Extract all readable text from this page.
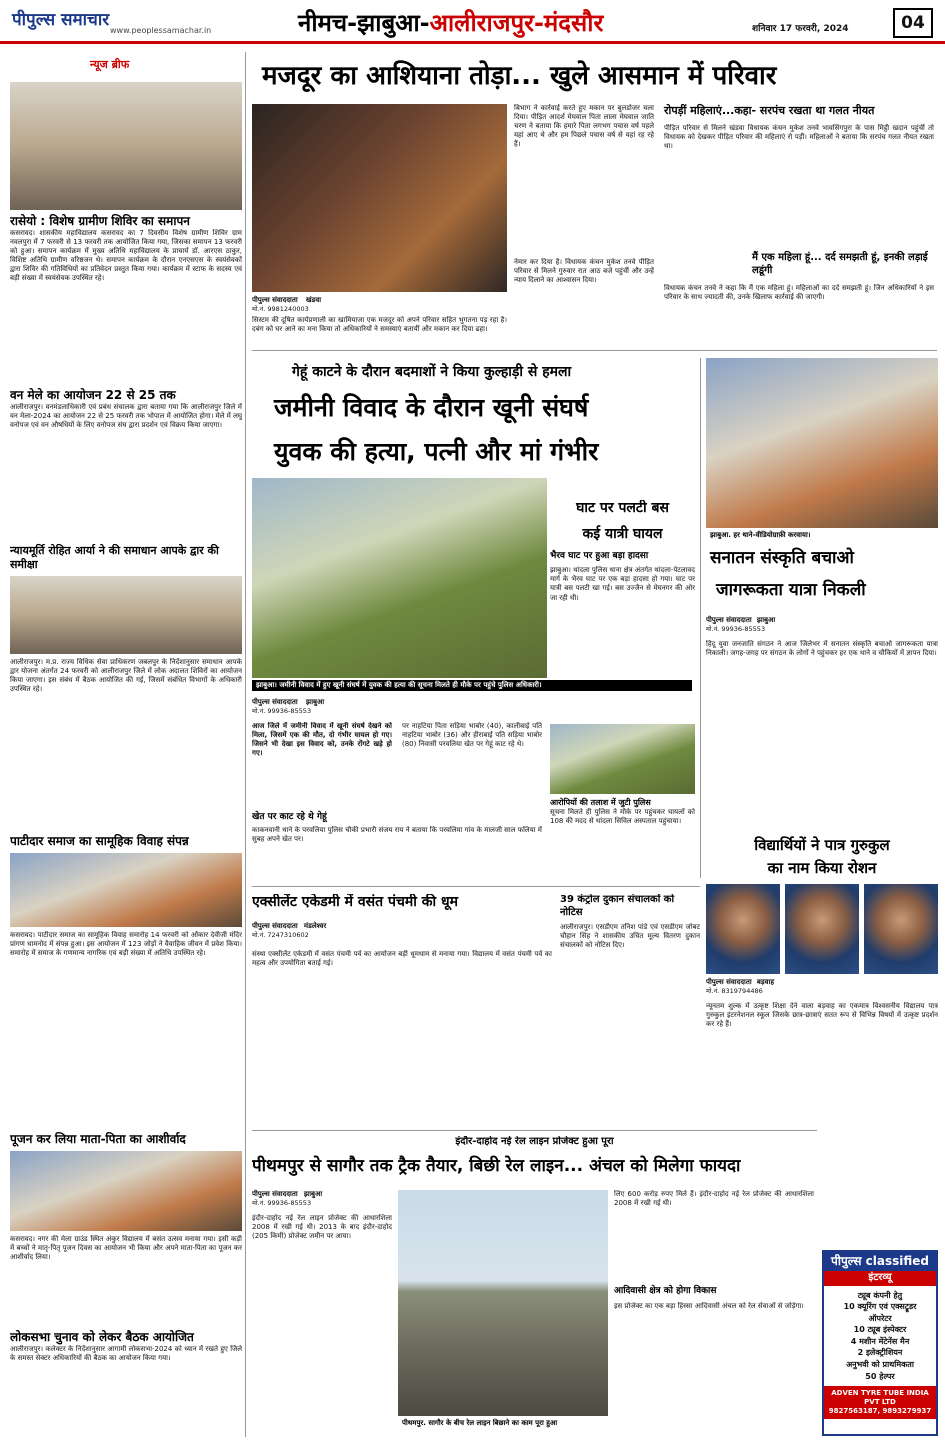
पीपुल्स समाचार
www.peoplessamachar.in	नीमच-झाबुआ-आलीराजपुर-मंदसौर	शनिवार 17 फरवरी, 2024	04
न्यूज ब्रीफ
रासेयो : विशेष ग्रामीण शिविर का समापन
कसरावद। शासकीय महाविद्यालय कसरावद का 7 दिवसीय विशेष ग्रामीण शिविर ग्राम नवलपुरा में 7 फरवरी से 13 फरवरी तक आयोजित किया गया, जिसका समापन 13 फरवरी को हुआ। समापन कार्यक्रम में मुख्य अतिथि महाविद्यालय के प्राचार्य डॉ. आरएस ठाकुर, विशिष्ट अतिथि ग्रामीण वरिष्ठजन थे। समापन कार्यक्रम के दौरान एनएसएस के स्वयंसेवकों द्वारा शिविर की गतिविधियों का प्रतिवेदन प्रस्तुत किया गया। कार्यक्रम में स्टाफ के सदस्य एवं बड़ी संख्या में स्वयंसेवक उपस्थित रहे।
वन मेले का आयोजन 22 से 25 तक
आलीराजपुर। वनमंडलाधिकारी एवं प्रबंध संचालक द्वारा बताया गया कि आलीराजपुर जिले में वन मेला-2024 का आयोजन 22 से 25 फरवरी तक भोपाल में आयोजित होगा। मेले में लघु वनोपज एवं वन औषधियों के लिए वनोपज संघ द्वारा प्रदर्शन एवं विक्रय किया जाएगा।
न्यायमूर्ति रोहित आर्या ने की समाधान आपके द्वार की समीक्षा
आलीराजपुर। म.प्र. राज्य विधिक सेवा प्राधिकरण जबलपुर के निर्देशानुसार समाधान आपके द्वार योजना अंतर्गत 24 फरवरी को आलीराजपुर जिले में लोक अदालत शिविरों का आयोजन किया जाएगा। इस संबंध में बैठक आयोजित की गई, जिसमें संबंधित विभागों के अधिकारी उपस्थित रहे।
पाटीदार समाज का सामूहिक विवाह संपन्न
कसरावद। पाटीदार समाज का सामूहिक विवाह समारोह 14 फरवरी को ओंकार देवीजी मंदिर प्रांगण धामनोद में संपन्न हुआ। इस आयोजन में 123 जोड़ों ने वैवाहिक जीवन में प्रवेश किया। समारोह में समाज के गणमान्य नागरिक एवं बड़ी संख्या में अतिथि उपस्थित रहे।
पूजन कर लिया माता-पिता का आशीर्वाद
कसरावद। नगर की मेला ग्राउंड स्थित अंकुर विद्यालय में बसंत उत्सव मनाया गया। इसी कड़ी में बच्चों ने मातृ-पितृ पूजन दिवस का आयोजन भी किया और अपने माता-पिता का पूजन कर आशीर्वाद लिया।
लोकसभा चुनाव को लेकर बैठक आयोजित
आलीराजपुर। कलेक्टर के निर्देशानुसार आगामी लोकसभा-2024 को ध्यान में रखते हुए जिले के समस्त सेक्टर अधिकारियों की बैठक का आयोजन किया गया।
मजदूर का आशियाना तोड़ा... खुले आसमान में परिवार
पीपुल्स संवाददाता खंडवा
मो.नं. 9981240003
सिस्टम की दूषित कार्यप्रणाली का खामियाजा एक मजदूर को अपने परिवार सहित भुगतना पड़ रहा है। दबंग को घर आने का मना किया तो अधिकारियों ने समस्याएं बतायीं और मकान कर दिया ढहा।
बिभाग ने कार्रवाई करते हुए मकान पर बुलडोजर चला दिया। पीड़ित आदर्श मेघवाल पिता लाला मेघवाल जाति चरण ने बताया कि हमारे पिता लगभग पचास वर्ष पहले यहां आए थे और हम पिछले पचास वर्ष से यहां रह रहे हैं।
नेमार कर दिया है। विधायक कंचन मुकेश तनवे पीड़ित परिवार से मिलने गुरुवार रात आठ बजे पहुंचीं और उन्हें न्याय दिलाने का आश्वासन दिया।
रोपड़ीं महिलाएं...कहा- सरपंच रखता था गलत नीयत
पीड़ित परिवार से मिलने खंडवा विधायक कंचन मुकेश तनवे भावसिंगपुरा के पास मिट्ठी खदान पहुंचीं तो विधायक को देखकर पीड़ित परिवार की महिलाएं रो पड़ीं। महिलाओं ने बताया कि सरपंच गलत नीयत रखता था।
मैं एक महिला हूं... दर्द समझती हूं, इनकी लड़ाई लडूंगी
विधायक कंचन तनवे ने कहा कि मैं एक महिला हूं। महिलाओं का दर्द समझती हूं। जिन अधिकारियों ने इस परिवार के साथ ज्यादती की, उनके खिलाफ कार्रवाई की जाएगी।
गेहूं काटने के दौरान बदमाशों ने किया कुल्हाड़ी से हमला
जमीनी विवाद के दौरान खूनी संघर्ष
युवक की हत्या, पत्नी और मां गंभीर
झाबुआ। जमीनी विवाद में हुए खूनी संघर्ष में युवक की हत्या की सूचना मिलते ही मौके पर पहुंचे पुलिस अधिकारी।
पीपुल्स संवाददाता झाबुआ
मो.नं. 99936-85553
आज जिले में जमीनी विवाद में खूनी संघर्ष देखने को मिला, जिसमें एक की मौत, दो गंभीर घायल हो गए। जिसने भी देखा इस विवाद को, उनके रोंगटे खड़े हो गए।
खेत पर काट रहे थे गेहूं
काकनवानी थाने के परवलिया पुलिस चौकी प्रभारी संजय राय ने बताया कि परवलिया गांव के मालजी साल फलिया में सुबह अपने खेत पर।
पर नाहटिया पिता सड़िया भाबोर (40), कालीबाई पति नाहटिया भाबोर (36) और हीराबाई पति सड़िया भाबोर (80) निवासी परवलिया खेत पर गेहूं काट रहे थे।
घाट पर पलटी बस
कई यात्री घायल
भैरव घाट पर हुआ बड़ा हादसा
झाबुआ। थांदला पुलिस थाना क्षेत्र अंतर्गत थांदला-पेटलावद मार्ग के भैरव घाट पर एक बड़ा हादसा हो गया। घाट पर यात्री बस पलटी खा गई। बस उज्जैन से मेघनगर की ओर जा रही थी।
आरोपियों की तलाश में जुटी पुलिस
सूचना मिलते ही पुलिस ने मौके पर पहुंचकर घायलों को 108 की मदद से थांदला सिविल अस्पताल पहुंचाया।
झाबुआ. हर थाने-वीडियोग्राफ़ी करवाया।
सनातन संस्कृति बचाओ
जागरूकता यात्रा निकली
पीपुल्स संवाददाता झाबुआ
मो.नं. 99936-85553
हिंदू युवा जनजाति संगठन ने आज जिलेभर में सनातन संस्कृति बचाओ जागरूकता यात्रा निकाली। जगह-जगह पर संगठन के लोगों ने पहुंचकर हर एक थाने व चौकियों में ज्ञापन दिया।
विद्यार्थियों ने पात्र गुरुकुल
का नाम किया रोशन
पीपुल्स संवाददाता बड़वाह
मो.नं. 8319794486
न्यूनतम शुल्क में उत्कृष्ट शिक्षा देने वाला बड़वाह का एकमात्र विश्वसनीय विद्यालय पात्र गुरुकुल इंटरनेशनल स्कूल जिसके छात्र-छात्राएं सतत रूप से विभिन्न विषयों में उत्कृष्ट प्रदर्शन कर रहे हैं।
एक्सीलेंट एकेडमी में वसंत पंचमी की धूम
पीपुल्स संवाददाता मंडलेश्वर
मो.नं. 7247310602
संस्था एक्सीलेंट एकेडमी में वसंत पंचमी पर्व का आयोजन बड़ी धूमधाम से मनाया गया। विद्यालय में वसंत पंचमी पर्व का महत्व और उपयोगिता बताई गई।
39 कंट्रोल दुकान संचालकों को नोटिस
आलीराजपुर। एसडीएम तनिश पांडे एवं एसडीएम जोबट चौहान सिंह ने शासकीय उचित मूल्य वितरण दुकान संचालकों को नोटिस दिए।
इंदौर-दाहोद नई रेल लाइन प्रोजेक्ट हुआ पूरा
पीथमपुर से सागौर तक ट्रैक तैयार, बिछी रेल लाइन... अंचल को मिलेगा फायदा
पीपुल्स संवाददाता झाबुआ
मो.नं. 99936-85553
इंदौर-दाहोद नई रेल लाइन प्रोजेक्ट की आधारशिला 2008 में रखी गई थी। 2013 के बाद इंदौर-दाहोद (205 किमी) प्रोजेक्ट जमीन पर आया।
पीथमपुर. सागौर के बीच रेल लाइन बिछाने का काम पूरा हुआ
लिए 600 करोड़ रुपए मिले हैं। इंदौर-दाहोद नई रेल प्रोजेक्ट की आधारशिला 2008 में रखी गई थी।
आदिवासी क्षेत्र को होगा विकास
इस प्रोजेक्ट का एक बड़ा हिस्सा आदिवासी अंचल को रेल सेवाओं से जोड़ेगा।
पीपुल्स classified
इंटरव्यू
ट्यूब कंपनी हेतु
10 क्यूरिंग एवं एक्सट्रूडर
ऑपरेटर
10 ट्यूब इंस्पेक्टर
4 मशीन मेंटेनेंस मैन
2 इलेक्ट्रीशियन
अनुभवी को प्राथमिकता
50 हेल्पर
ADVEN TYRE TUBE INDIA PVT LTD
9827563187, 9893279937
